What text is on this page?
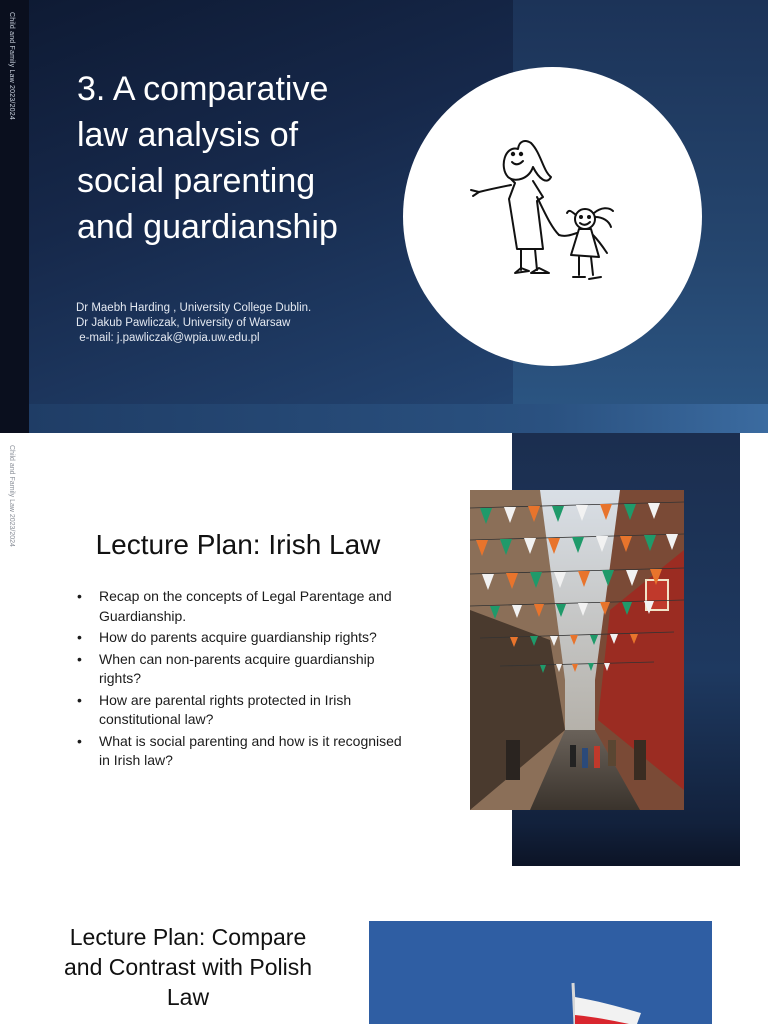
Child and Family Law 2023/2024 3. A comparative
law analysis of
social parenting
and guardianship
Dr Maebh Harding , University College Dublin.
Dr Jakub Pawliczak, University of Warsaw
e-mail: j.pawliczak@wpia.uw.edu.pl
Child and Family Law 2023/2024	Lecture Plan: Irish Law
• Recap on the concepts of Legal Parentage and Guardianship.
• How do parents acquire guardianship rights?
• When can non-parents acquire guardianship rights?
• How are parental rights protected in Irish constitutional law?
• What is social parenting and how is it recognised in Irish law?
Lecture Plan: Compare
and Contrast with Polish
Law
